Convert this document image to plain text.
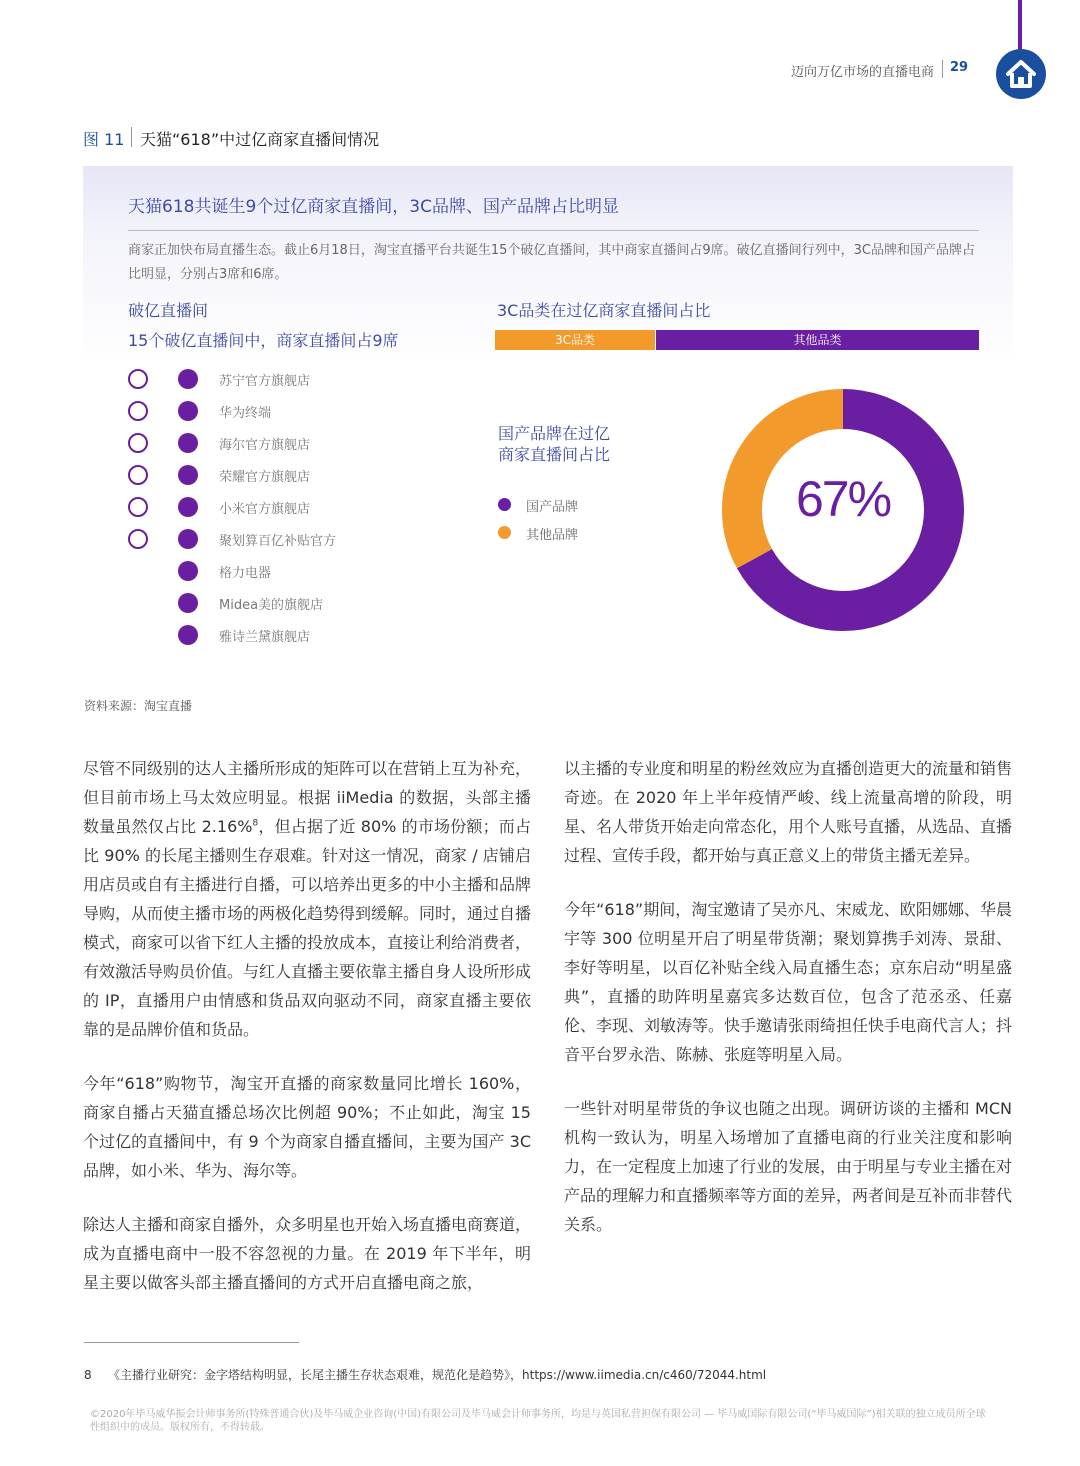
迈向万亿市场的直播电商 29
图 11 天猫“618”中过亿商家直播间情况
天猫618共诞生9个过亿商家直播间，3C品牌、国产品牌占比明显
商家正加快布局直播生态。截止6月18日，淘宝直播平台共诞生15个破亿直播间，其中商家直播间占9席。破亿直播间行列中，3C品牌和国产品牌占比明显，分别占3席和6席。
破亿直播间
15个破亿直播间中，商家直播间占9席
苏宁官方旗舰店
华为终端
海尔官方旗舰店
荣耀官方旗舰店
小米官方旗舰店
聚划算百亿补贴官方
格力电器
Midea美的旗舰店
雅诗兰黛旗舰店
3C品类在过亿商家直播间占比
3C品类	其他品类
国产品牌在过亿
商家直播间占比
国产品牌
其他品牌
67%
资料来源：淘宝直播

尽管不同级别的达人主播所形成的矩阵可以在营销上互为补充，但目前市场上马太效应明显。根据 iiMedia 的数据，头部主播数量虽然仅占比 2.16%$^8$，但占据了近 80% 的市场份额；而占比 90% 的长尾主播则生存艰难。针对这一情况，商家 / 店铺启用店员或自有主播进行自播，可以培养出更多的中小主播和品牌导购，从而使主播市场的两极化趋势得到缓解。同时，通过自播模式，商家可以省下红人主播的投放成本，直接让利给消费者，有效激活导购员价值。与红人直播主要依靠主播自身人设所形成的 IP，直播用户由情感和货品双向驱动不同，商家直播主要依靠的是品牌价值和货品。

今年“618”购物节，淘宝开直播的商家数量同比增长 160%，商家自播占天猫直播总场次比例超 90%；不止如此，淘宝 15 个过亿的直播间中，有 9 个为商家自播直播间，主要为国产 3C 品牌，如小米、华为、海尔等。

除达人主播和商家自播外，众多明星也开始入场直播电商赛道，成为直播电商中一股不容忽视的力量。在 2019 年下半年，明星主要以做客头部主播直播间的方式开启直播电商之旅，

以主播的专业度和明星的粉丝效应为直播创造更大的流量和销售奇迹。在 2020 年上半年疫情严峻、线上流量高增的阶段，明星、名人带货开始走向常态化，用个人账号直播，从选品、直播过程、宣传手段，都开始与真正意义上的带货主播无差异。

今年“618”期间，淘宝邀请了吴亦凡、宋威龙、欧阳娜娜、华晨宇等 300 位明星开启了明星带货潮；聚划算携手刘涛、景甜、李好等明星，以百亿补贴全线入局直播生态；京东启动“明星盛典”，直播的助阵明星嘉宾多达数百位，包含了范丞丞、任嘉伦、李现、刘敏涛等。快手邀请张雨绮担任快手电商代言人；抖音平台罗永浩、陈赫、张庭等明星入局。

一些针对明星带货的争议也随之出现。调研访谈的主播和 MCN 机构一致认为，明星入场增加了直播电商的行业关注度和影响力，在一定程度上加速了行业的发展，由于明星与专业主播在对产品的理解力和直播频率等方面的差异，两者间是互补而非替代关系。

8 《主播行业研究：金字塔结构明显，长尾主播生存状态艰难，规范化是趋势》，https://www.iimedia.cn/c460/72044.html
©2020年毕马威华振会计师事务所(特殊普通合伙)及毕马威企业咨询(中国)有限公司及毕马威会计师事务所，均是与英国私营担保有限公司 — 毕马威国际有限公司(“毕马威国际”)相关联的独立成员所全球性组织中的成员。版权所有，不得转载。
